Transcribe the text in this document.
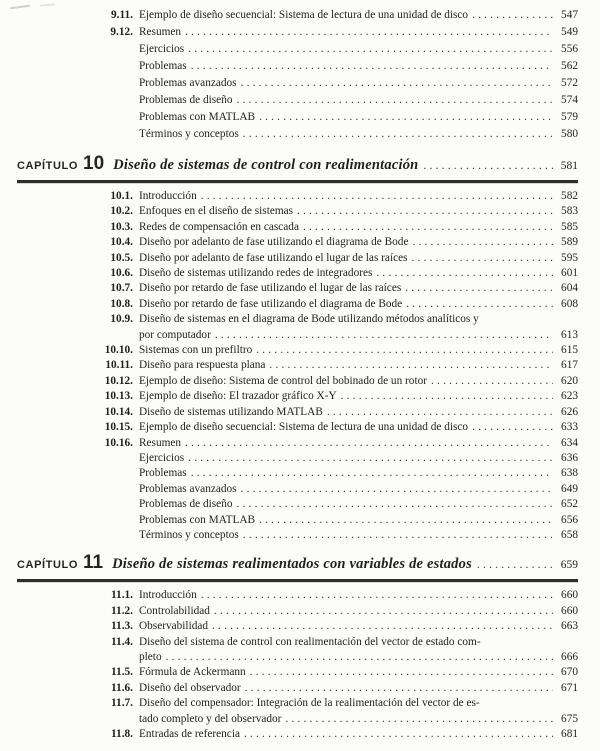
9.11. Ejemplo de diseño secuencial: Sistema de lectura de una unidad de disco .....	547
9.12. Resumen .....	549
Ejercicios .....	556
Problemas .....	562
Problemas avanzados .....	572
Problemas de diseño .....	574
Problemas con MATLAB .....	579
Términos y conceptos .....	580
CAPÍTULO 10 Diseño de sistemas de control con realimentación .....	581
10.1. Introducción .....	582
10.2. Enfoques en el diseño de sistemas .....	583
10.3. Redes de compensación en cascada .....	585
10.4. Diseño por adelanto de fase utilizando el diagrama de Bode .....	589
10.5. Diseño por adelanto de fase utilizando el lugar de las raíces .....	595
10.6. Diseño de sistemas utilizando redes de integradores .....	601
10.7. Diseño por retardo de fase utilizando el lugar de las raíces .....	604
10.8. Diseño por retardo de fase utilizando el diagrama de Bode .....	608
10.9. Diseño de sistemas en el diagrama de Bode utilizando métodos analíticos y
por computador .....	613
10.10. Sistemas con un prefiltro .....	615
10.11. Diseño para respuesta plana .....	617
10.12. Ejemplo de diseño: Sistema de control del bobinado de un rotor .....	620
10.13. Ejemplo de diseño: El trazador gráfico X-Y .....	623
10.14. Diseño de sistemas utilizando MATLAB .....	626
10.15. Ejemplo de diseño secuencial: Sistema de lectura de una unidad de disco .....	633
10.16. Resumen .....	634
Ejercicios .....	636
Problemas .....	638
Problemas avanzados .....	649
Problemas de diseño .....	652
Problemas con MATLAB .....	656
Términos y conceptos .....	658
CAPÍTULO 11 Diseño de sistemas realimentados con variables de estados .....	659
11.1. Introducción .....	660
11.2. Controlabilidad .....	660
11.3. Observabilidad .....	663
11.4. Diseño del sistema de control con realimentación del vector de estado com-
pleto .....	666
11.5. Fórmula de Ackermann .....	670
11.6. Diseño del observador .....	671
11.7. Diseño del compensador: Integración de la realimentación del vector de es-
tado completo y del observador .....	675
11.8. Entradas de referencia .....	681
